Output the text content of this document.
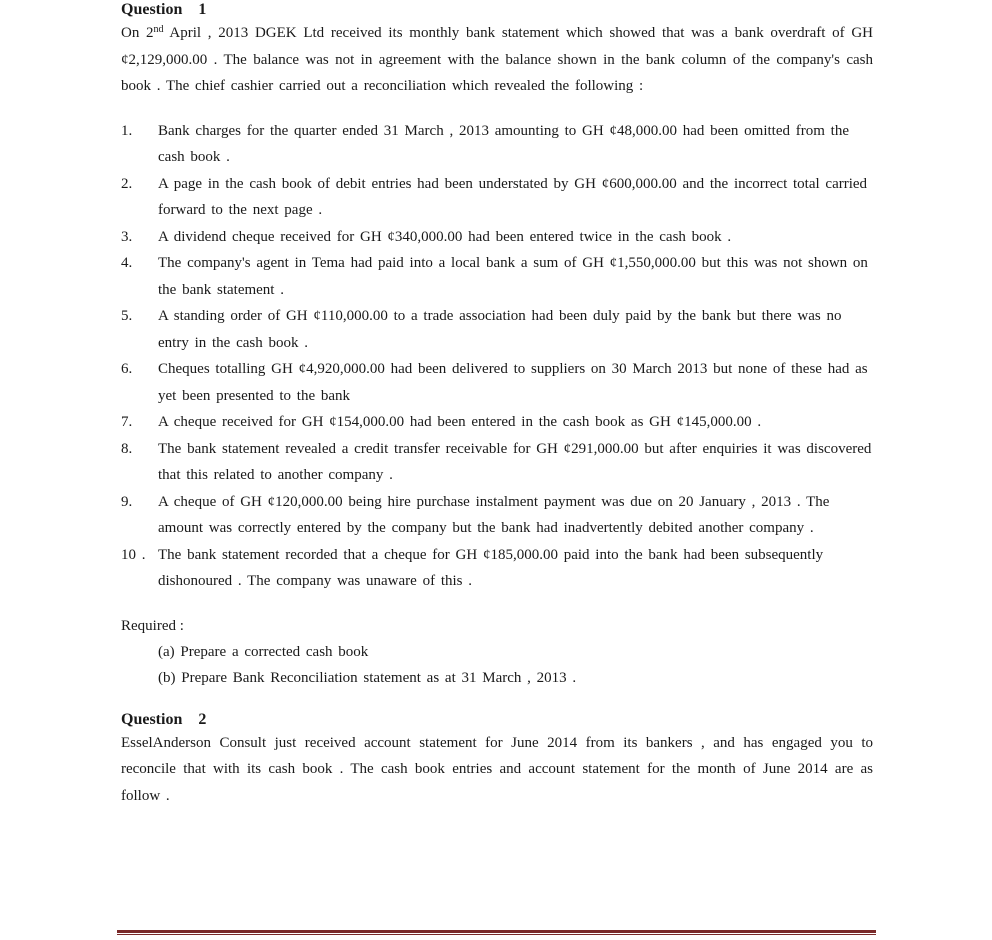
Question 1

On 2nd April , 2013 DGEK Ltd received its monthly bank statement which showed that was a bank overdraft of GH ¢2,129,000.00 . The balance was not in agreement with the balance shown in the bank column of the company's cash book . The chief cashier carried out a reconciliation which revealed the following :

1. Bank charges for the quarter ended 31 March , 2013 amounting to GH ¢48,000.00 had been omitted from the cash book .
2. A page in the cash book of debit entries had been understated by GH ¢600,000.00 and the incorrect total carried forward to the next page .
3. A dividend cheque received for GH ¢340,000.00 had been entered twice in the cash book .
4. The company's agent in Tema had paid into a local bank a sum of GH ¢1,550,000.00 but this was not shown on the bank statement .
5. A standing order of GH ¢110,000.00 to a trade association had been duly paid by the bank but there was no entry in the cash book .
6. Cheques totalling GH ¢4,920,000.00 had been delivered to suppliers on 30 March 2013 but none of these had as yet been presented to the bank
7. A cheque received for GH ¢154,000.00 had been entered in the cash book as GH ¢145,000.00 .
8. The bank statement revealed a credit transfer receivable for GH ¢291,000.00 but after enquiries it was discovered that this related to another company .
9. A cheque of GH ¢120,000.00 being hire purchase instalment payment was due on 20 January , 2013 . The amount was correctly entered by the company but the bank had inadvertently debited another company .
10 . The bank statement recorded that a cheque for GH ¢185,000.00 paid into the bank had been subsequently dishonoured . The company was unaware of this .

Required :

(a) Prepare a corrected cash book
(b) Prepare Bank Reconciliation statement as at 31 March , 2013 .

Question 2

EsselAnderson Consult just received account statement for June 2014 from its bankers , and has engaged you to reconcile that with its cash book . The cash book entries and account statement for the month of June 2014 are as follow .
